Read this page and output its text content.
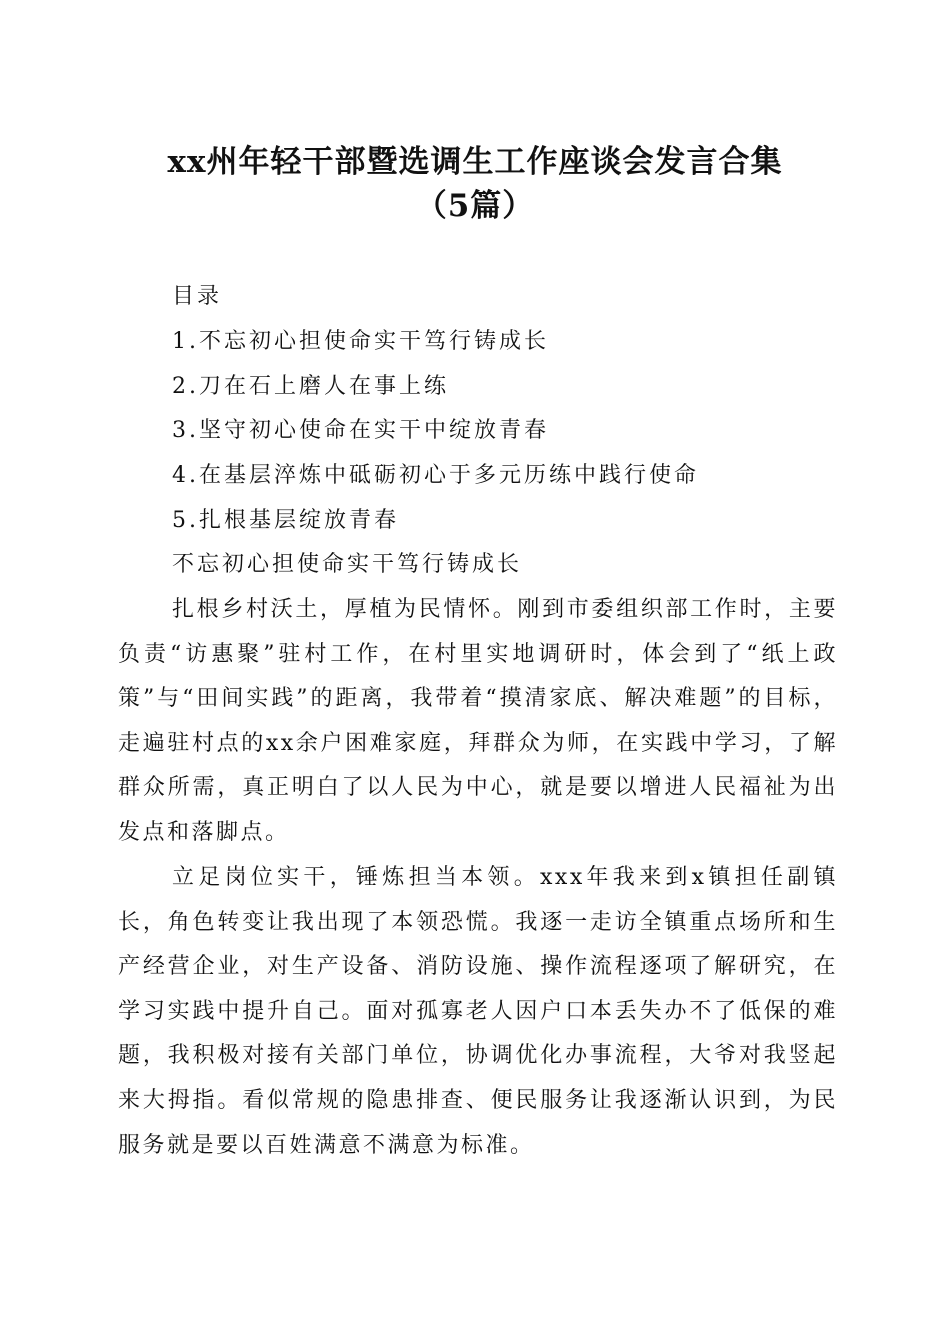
xx州年轻干部暨选调生工作座谈会发言合集
（5篇）
目录
1.不忘初心担使命实干笃行铸成长
2.刀在石上磨人在事上练
3.坚守初心使命在实干中绽放青春
4.在基层淬炼中砥砺初心于多元历练中践行使命
5.扎根基层绽放青春
不忘初心担使命实干笃行铸成长

扎根乡村沃土，厚植为民情怀。刚到市委组织部工作时，主要负责“访惠聚”驻村工作，在村里实地调研时，体会到了“纸上政策”与“田间实践”的距离，我带着“摸清家底、解决难题”的目标，走遍驻村点的xx余户困难家庭，拜群众为师，在实践中学习，了解群众所需，真正明白了以人民为中心，就是要以增进人民福祉为出发点和落脚点。

立足岗位实干，锤炼担当本领。xxx年我来到x镇担任副镇长，角色转变让我出现了本领恐慌。我逐一走访全镇重点场所和生产经营企业，对生产设备、消防设施、操作流程逐项了解研究，在学习实践中提升自己。面对孤寡老人因户口本丢失办不了低保的难题，我积极对接有关部门单位，协调优化办事流程，大爷对我竖起来大拇指。看似常规的隐患排查、便民服务让我逐渐认识到，为民服务就是要以百姓满意不满意为标准。
